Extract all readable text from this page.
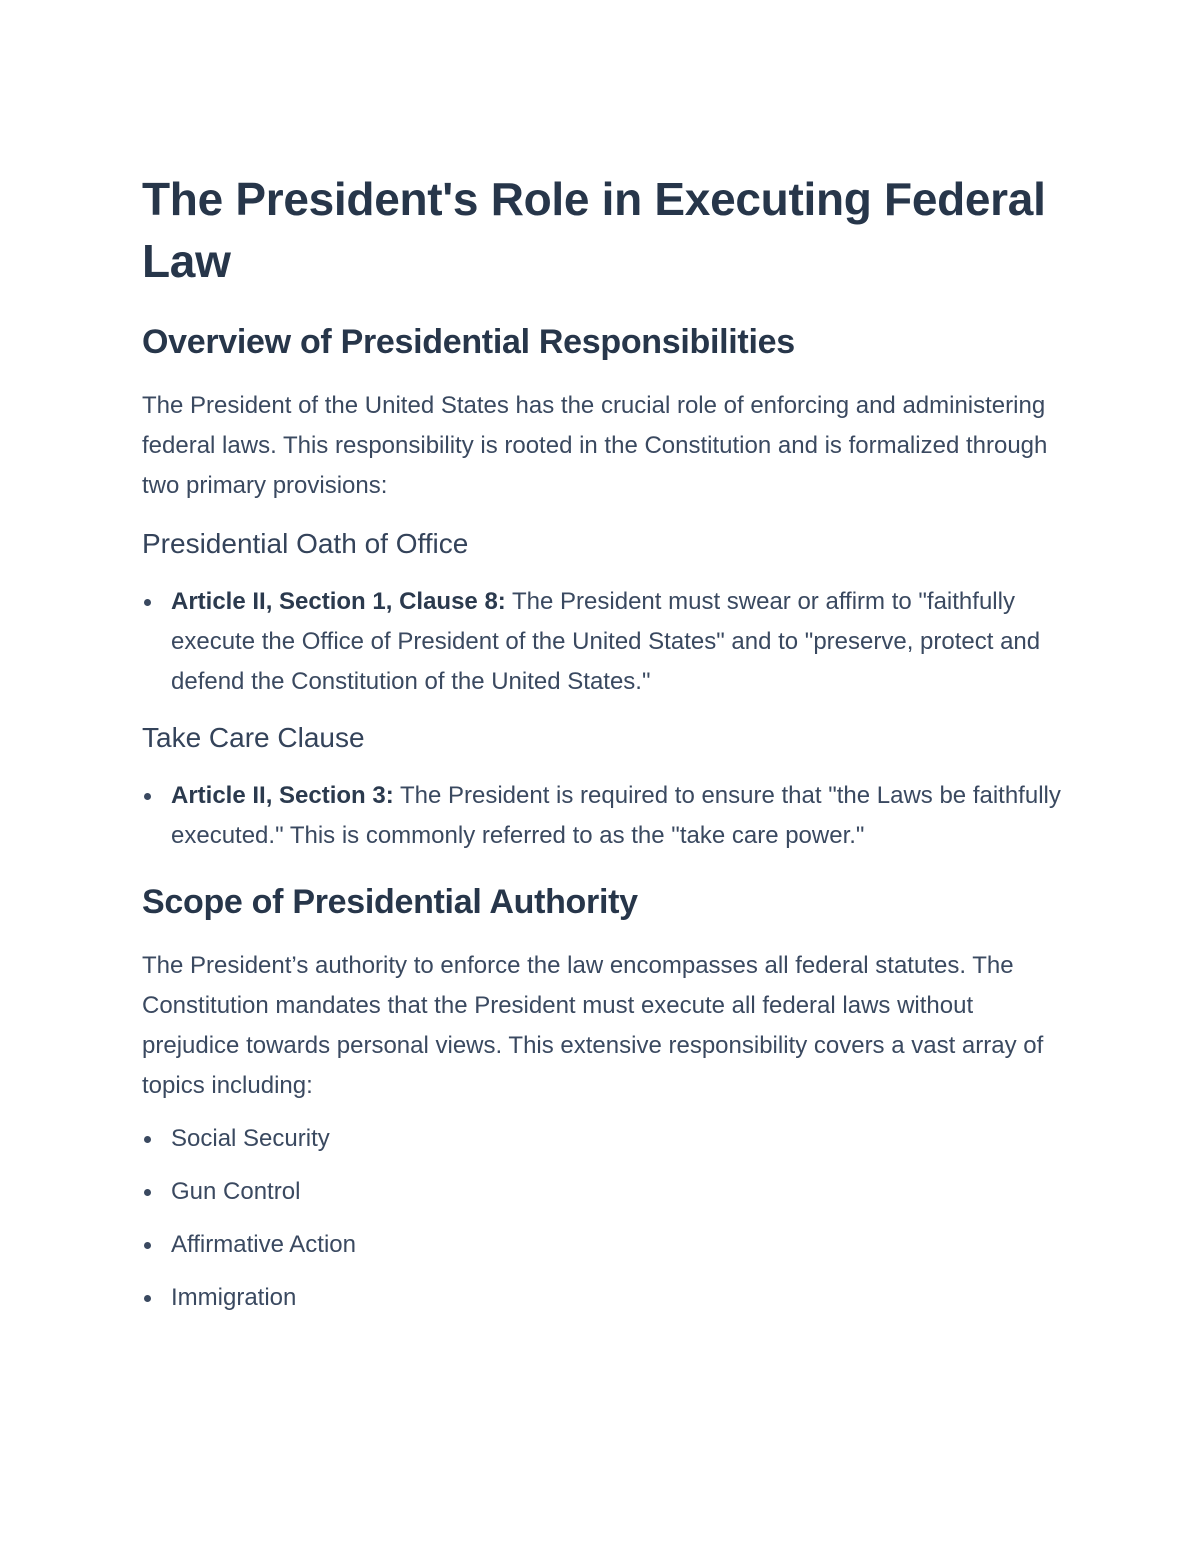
The President's Role in Executing Federal Law
Overview of Presidential Responsibilities

The President of the United States has the crucial role of enforcing and administering federal laws. This responsibility is rooted in the Constitution and is formalized through two primary provisions:

Presidential Oath of Office
Article II, Section 1, Clause 8: The President must swear or affirm to "faithfully execute the Office of President of the United States" and to "preserve, protect and defend the Constitution of the United States."
Take Care Clause
Article II, Section 3: The President is required to ensure that "the Laws be faithfully executed." This is commonly referred to as the "take care power."
Scope of Presidential Authority

The President’s authority to enforce the law encompasses all federal statutes. The Constitution mandates that the President must execute all federal laws without prejudice towards personal views. This extensive responsibility covers a vast array of topics including:

Social Security
Gun Control
Affirmative Action
Immigration
